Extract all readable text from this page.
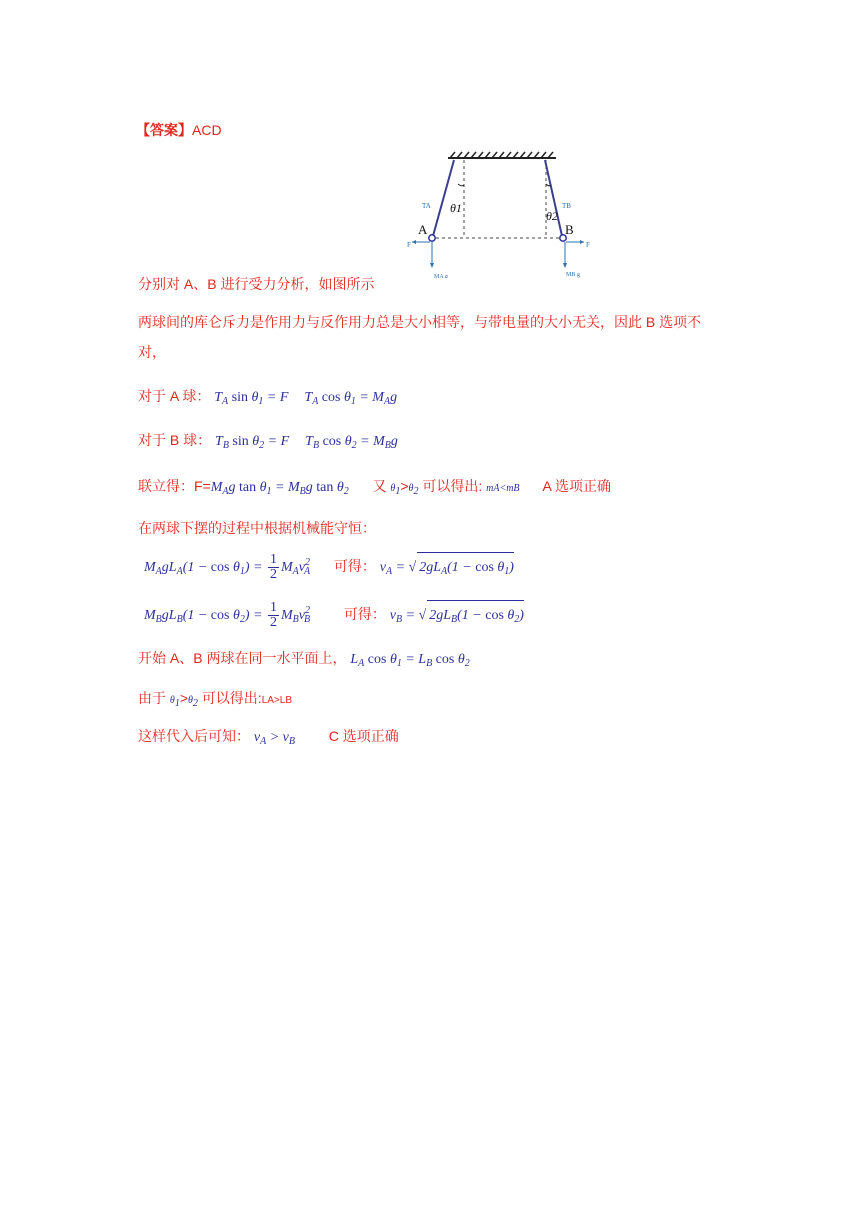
【答案】ACD
A	B
θ1
θ2
TA	TB
F	F
MA g	MB g
分别对 A、B 进行受力分析，如图所示
两球间的库仑斥力是作用力与反作用力总是大小相等，与带电量的大小无关，因此 B 选项不
对，
对于 A 球： $T_A$ $\sin \theta_1 = F$ $T_A$ $\cos \theta_1 = M_Ag$
对于 B 球： $T_B$ $\sin \theta_2 = F$ $T_B$ $\cos \theta_2 = M_Bg$
联立得：$F=M_Ag$ $\tan \theta_1 = M_Bg$ $\tan \theta_2$ 又 θ1>θ2 可以得出: mA<mB A 选项正确
在两球下摆的过程中根据机械能守恒：
$M_AgL_A(1 - \cos \theta_1) = \frac{1}{2} M_Av^2_A$ 可得： $v_A$ = √ $2gL_A(1 - \cos \theta_1)$
$M_BgL_B(1 - \cos \theta_2) = \frac{1}{2} M_Bv^2_B$ 可得： $v_B$ = √ $2gL_B(1 - \cos \theta_2)$
开始 A、B 两球在同一水平面上， $L_A$ $\cos \theta_1 = L_B$ $\cos \theta_2$
由于 θ1>θ2 可以得出:LA>LB
这样代入后可知： $v_A > v_B$ C 选项正确
